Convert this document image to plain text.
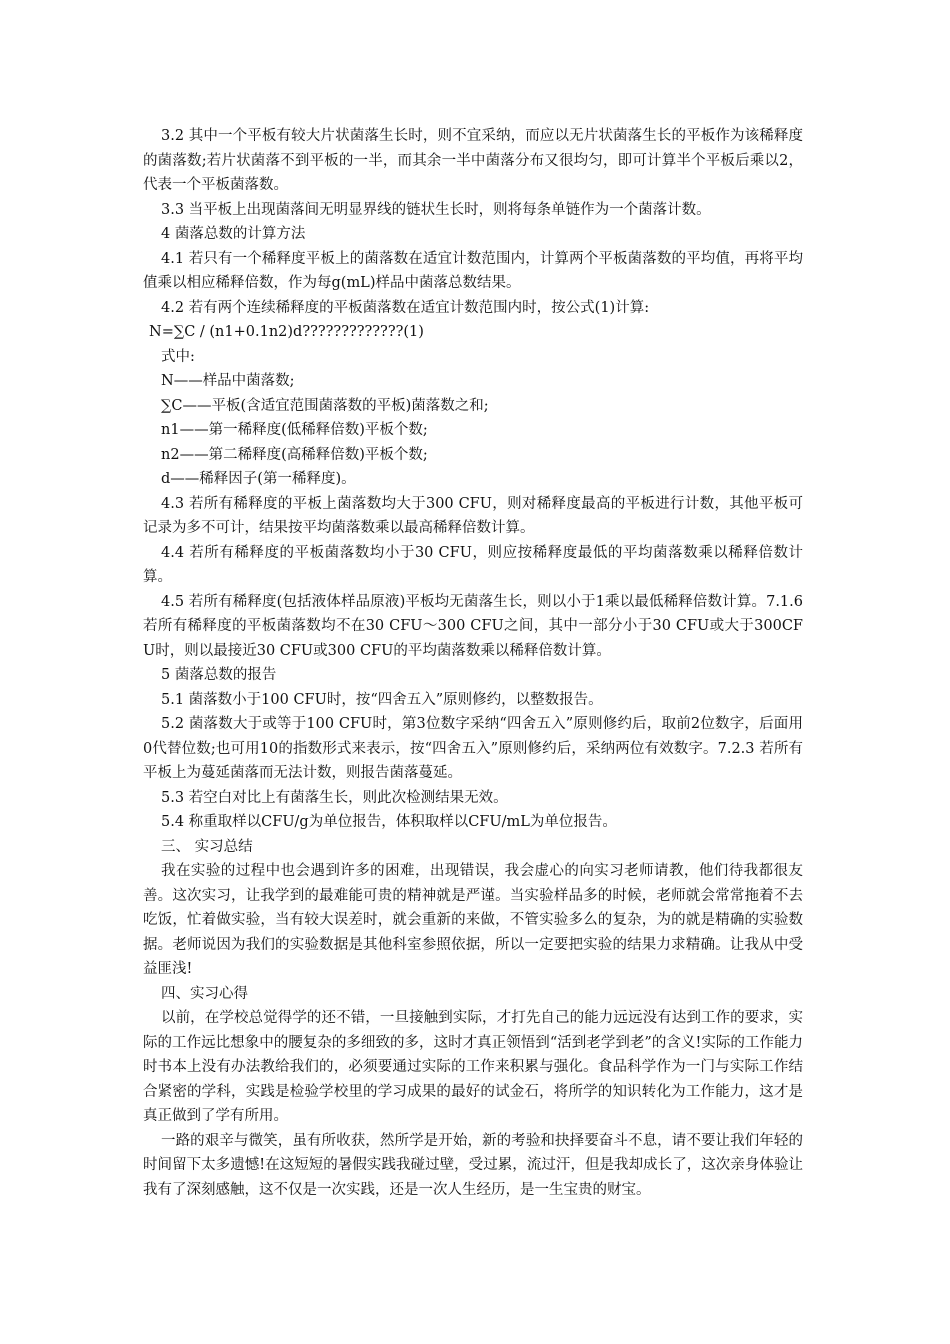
3.2 其中一个平板有较大片状菌落生长时，则不宜采纳，而应以无片状菌落生长的平板作为该稀释度的菌落数;若片状菌落不到平板的一半，而其余一半中菌落分布又很均匀，即可计算半个平板后乘以2，代表一个平板菌落数。

3.3 当平板上出现菌落间无明显界线的链状生长时，则将每条单链作为一个菌落计数。

4 菌落总数的计算方法

4.1 若只有一个稀释度平板上的菌落数在适宜计数范围内，计算两个平板菌落数的平均值，再将平均值乘以相应稀释倍数，作为每g(mL)样品中菌落总数结果。

4.2 若有两个连续稀释度的平板菌落数在适宜计数范围内时，按公式(1)计算:

N=∑C / (n1+0.1n2)d?????????????(1)

式中:

N——样品中菌落数;

∑C——平板(含适宜范围菌落数的平板)菌落数之和;

n1——第一稀释度(低稀释倍数)平板个数;

n2——第二稀释度(高稀释倍数)平板个数;

d——稀释因子(第一稀释度)。

4.3 若所有稀释度的平板上菌落数均大于300 CFU，则对稀释度最高的平板进行计数，其他平板可记录为多不可计，结果按平均菌落数乘以最高稀释倍数计算。

4.4 若所有稀释度的平板菌落数均小于30 CFU，则应按稀释度最低的平均菌落数乘以稀释倍数计算。

4.5 若所有稀释度(包括液体样品原液)平板均无菌落生长，则以小于1乘以最低稀释倍数计算。7.1.6 若所有稀释度的平板菌落数均不在30 CFU～300 CFU之间，其中一部分小于30 CFU或大于300CFU时，则以最接近30 CFU或300 CFU的平均菌落数乘以稀释倍数计算。

5 菌落总数的报告

5.1 菌落数小于100 CFU时，按“四舍五入”原则修约，以整数报告。

5.2 菌落数大于或等于100 CFU时，第3位数字采纳“四舍五入”原则修约后，取前2位数字，后面用0代替位数;也可用10的指数形式来表示，按“四舍五入”原则修约后，采纳两位有效数字。7.2.3 若所有平板上为蔓延菌落而无法计数，则报告菌落蔓延。

5.3 若空白对比上有菌落生长，则此次检测结果无效。

5.4 称重取样以CFU/g为单位报告，体积取样以CFU/mL为单位报告。

三、 实习总结

我在实验的过程中也会遇到许多的困难，出现错误，我会虚心的向实习老师请教，他们待我都很友善。这次实习，让我学到的最难能可贵的精神就是严谨。当实验样品多的时候，老师就会常常拖着不去吃饭，忙着做实验，当有较大误差时，就会重新的来做，不管实验多么的复杂，为的就是精确的实验数据。老师说因为我们的实验数据是其他科室参照依据，所以一定要把实验的结果力求精确。让我从中受益匪浅!

四、实习心得

以前，在学校总觉得学的还不错，一旦接触到实际，才打先自己的能力远远没有达到工作的要求，实际的工作远比想象中的腰复杂的多细致的多，这时才真正领悟到“活到老学到老”的含义!实际的工作能力时书本上没有办法教给我们的，必须要通过实际的工作来积累与强化。食品科学作为一门与实际工作结合紧密的学科，实践是检验学校里的学习成果的最好的试金石，将所学的知识转化为工作能力，这才是真正做到了学有所用。

一路的艰辛与微笑，虽有所收获，然所学是开始，新的考验和抉择要奋斗不息，请不要让我们年轻的时间留下太多遗憾!在这短短的暑假实践我碰过壁，受过累，流过汗，但是我却成长了，这次亲身体验让我有了深刻感触，这不仅是一次实践，还是一次人生经历，是一生宝贵的财宝。
